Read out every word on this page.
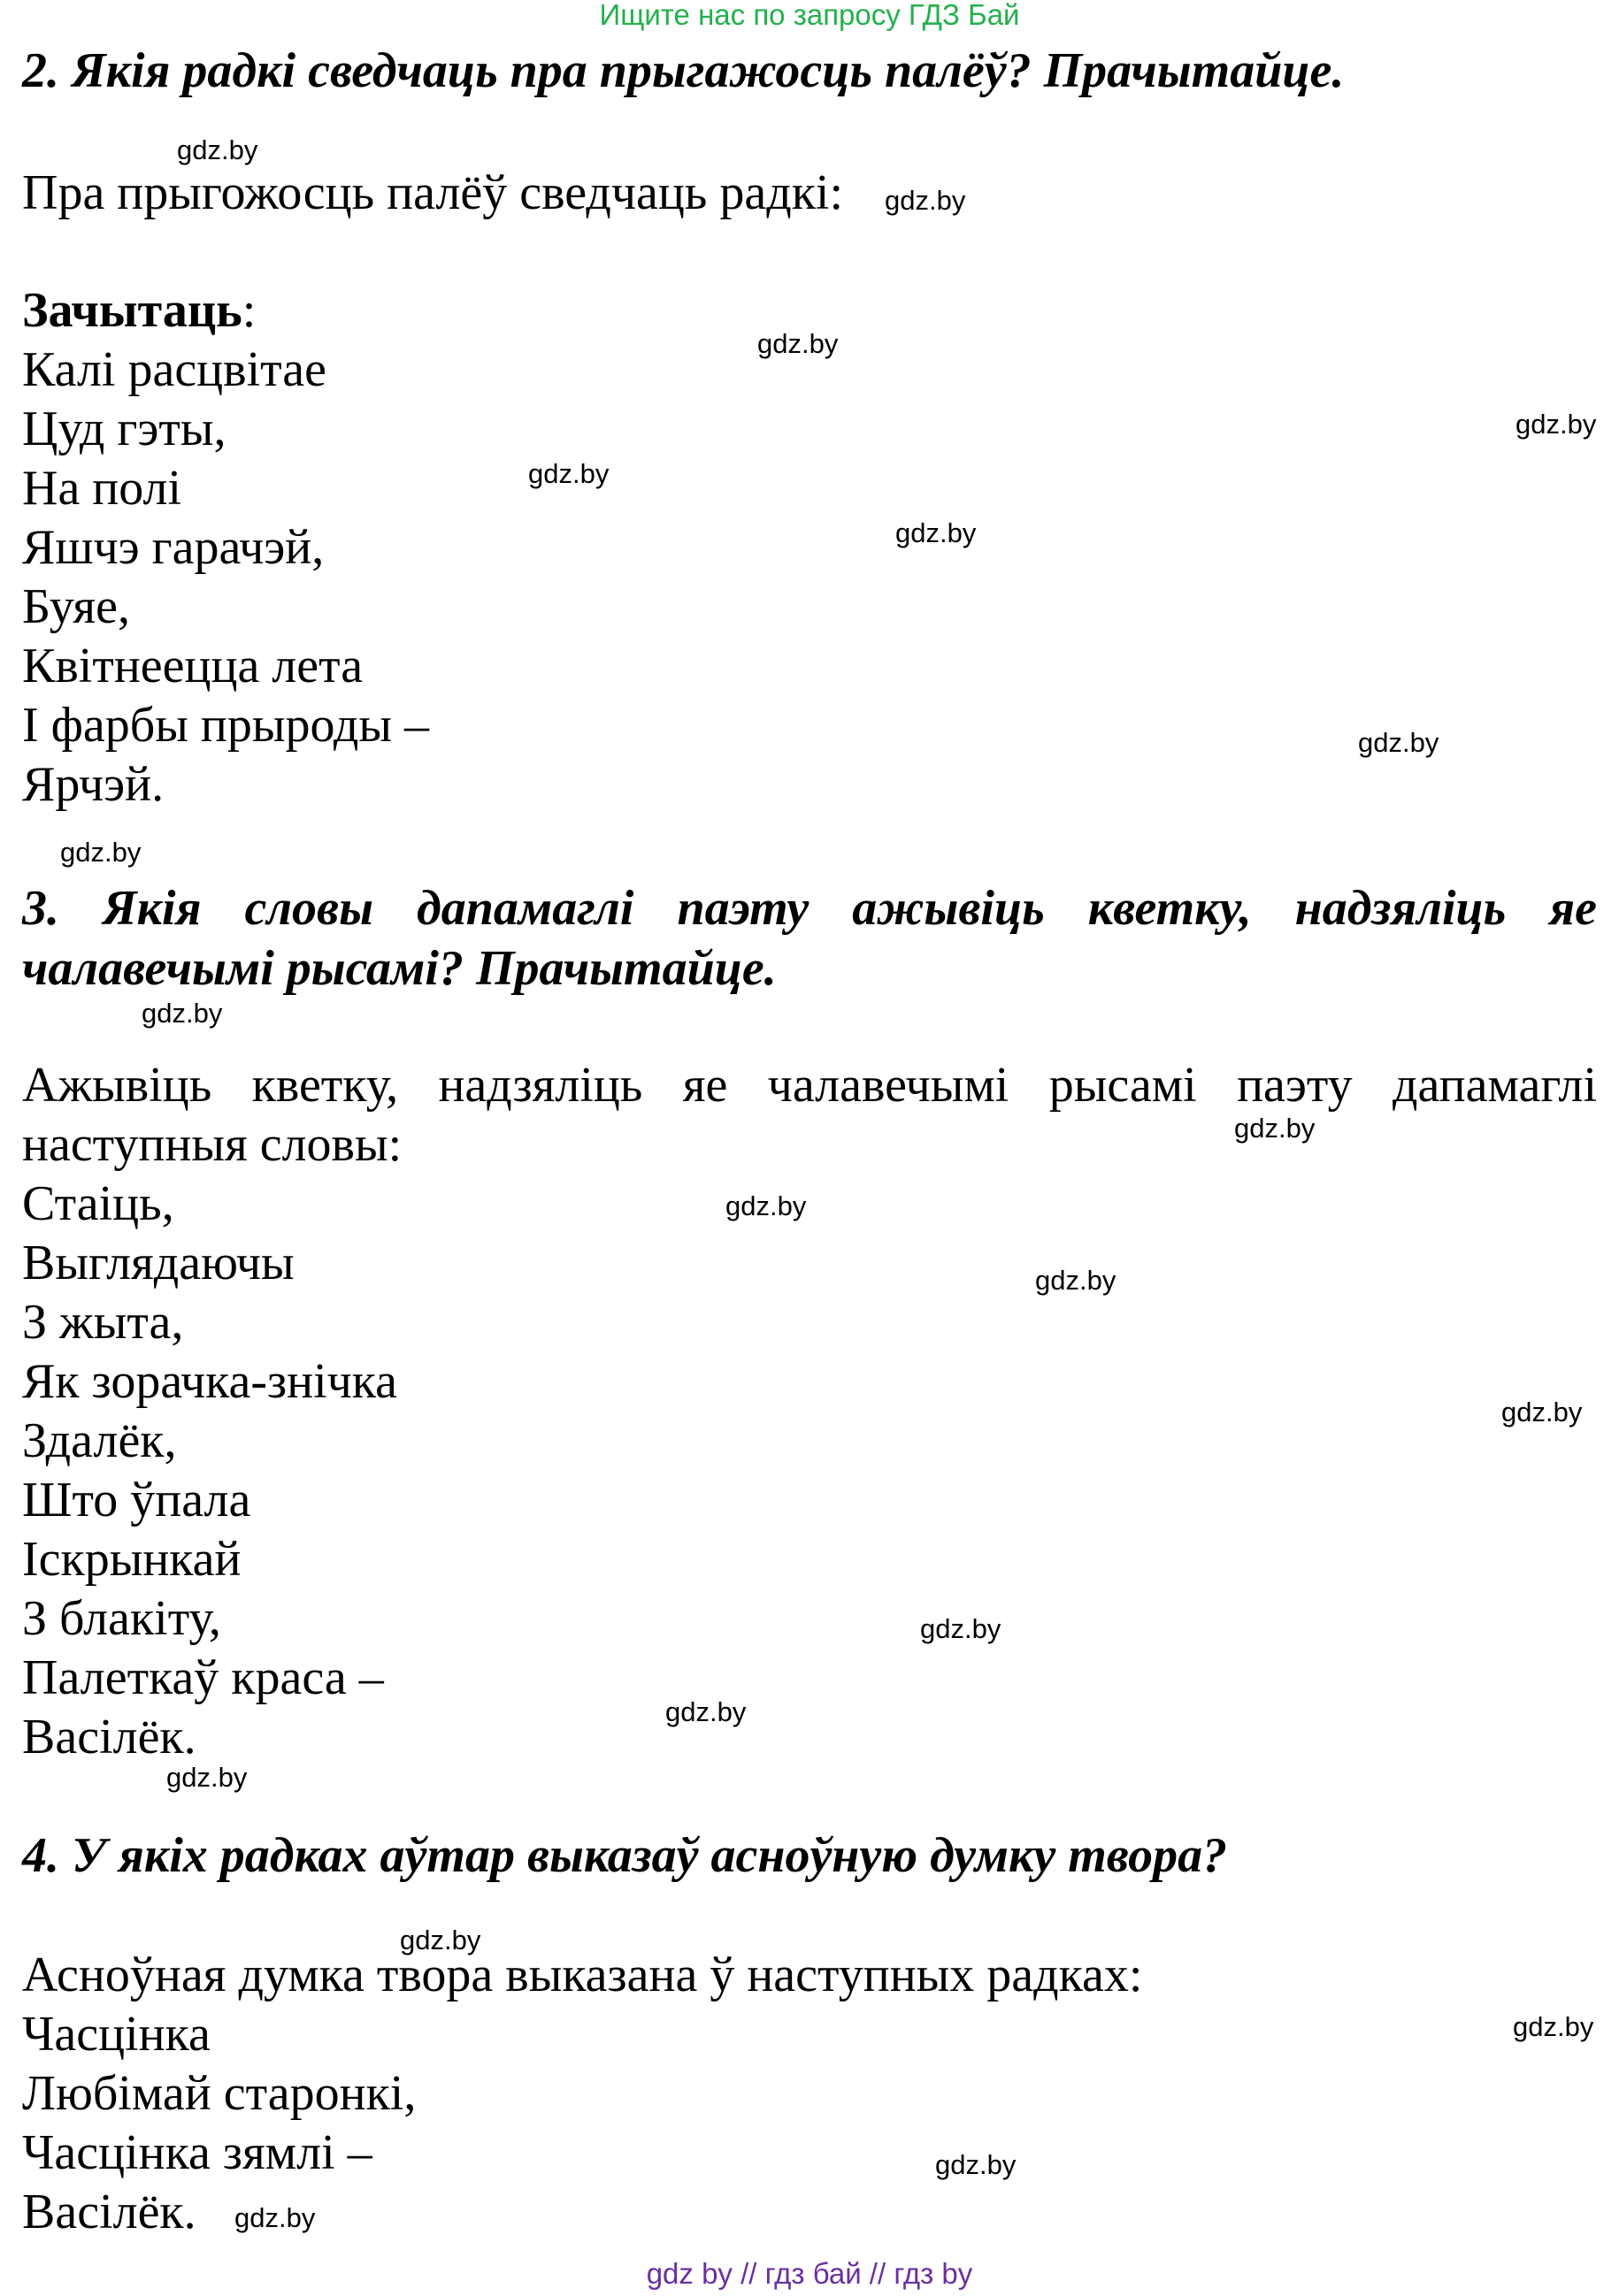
Ищите нас по запросу ГДЗ Бай
2. Якія радкі сведчаць пра прыгажосць палёў? Прачытайце.
Пра прыгожосць палёў сведчаць радкі:
Зачытаць:
Калі расцвітае
Цуд гэты,
На полі
Яшчэ гарачэй,
Буяе,
Квітнеецца лета
І фарбы прыроды –
Ярчэй.
3. Якія словы дапамаглі паэту ажывіць кветку, надзяліць яе чалавечымі рысамі? Прачытайце.
Ажывіць кветку, надзяліць яе чалавечымі рысамі паэту дапамаглі наступныя словы:
Стаіць,
Выглядаючы
З жыта,
Як зорачка-знічка
Здалёк,
Што ўпала
Іскрынкай
З блакіту,
Палеткаў краса –
Васілёк.
4. У якіх радках аўтар выказаў асноўную думку твора?
Асноўная думка твора выказана ў наступных радках:
Часцінка
Любімай старонкі,
Часцінка зямлі –
Васілёк.
gdz.by
gdz.by
gdz.by
gdz.by
gdz.by
gdz.by
gdz.by
gdz.by
gdz.by
gdz.by
gdz.by
gdz.by
gdz.by
gdz.by
gdz.by
gdz.by
gdz.by
gdz.by
gdz.by
gdz.by
gdz by // гдз бай // гдз by
